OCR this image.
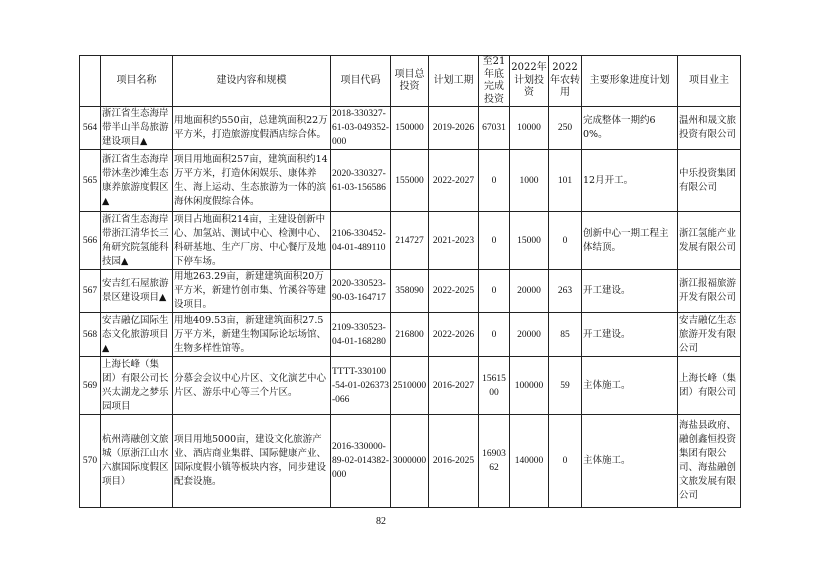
	项目名称	建设内容和规模	项目代码	项目总投资	计划工期	至21年底完成投资	2022年计划投资	2022年农转用	主要形象进度计划	项目业主
564	浙江省生态海岸带半山半岛旅游建设项目▲	用地面积约550亩，总建筑面积22万平方米，打造旅游度假酒店综合体。	2018-330327-61-03-049352-000	150000	2019-2026	67031	10000	250	完成整体一期约60%。	温州和晟文旅投资有限公司
565	浙江省生态海岸带沐垄沙滩生态康养旅游度假区▲	项目用地面积257亩，建筑面积约14万平方米，打造休闲娱乐、康体养生、海上运动、生态旅游为一体的滨海休闲度假综合体。	2020-330327-61-03-156586	155000	2022-2027	0	1000	101	12月开工。	中乐投资集团有限公司
566	浙江省生态海岸带浙江清华长三角研究院氢能科技园▲	项目占地面积214亩，主建设创新中心、加氢站、测试中心、检测中心、科研基地、生产厂房、中心餐厅及地下停车场。	2106-330452-04-01-489110	214727	2021-2023	0	15000	0	创新中心一期工程主体结顶。	浙江氢能产业发展有限公司
567	安吉红石屋旅游景区建设项目▲	用地263.29亩，新建建筑面积20万平方米，新建竹创市集、竹溪谷等建设项目。	2020-330523-90-03-164717	358090	2022-2025	0	20000	263	开工建设。	浙江报福旅游开发有限公司
568	安吉融亿国际生态文化旅游项目▲	用地409.53亩，新建建筑面积27.5万平方米，新建生物国际论坛场馆、生物多样性馆等。	2109-330523-04-01-168280	216800	2022-2026	0	20000	85	开工建设。	安吉融亿生态旅游开发有限公司
569	上海长峰（集团）有限公司长兴太湖龙之梦乐园项目	分慕会会议中心片区、文化演艺中心片区、游乐中心等三个片区。	TTTT-330100-54-01-026373-066	2510000	2016-2027	1561500	100000	59	主体施工。	上海长峰（集团）有限公司
570	杭州湾融创文旅城（原浙江山水六旗国际度假区项目）	项目用地5000亩，建设文化旅游产业、酒店商业集群、国际健康产业、国际度假小镇等板块内容，同步建设配套设施。	2016-330000-89-02-014382-000	3000000	2016-2025	1690362	140000	0	主体施工。	海盐县政府、融创鑫恒投资集团有限公司、海盐融创文旅发展有限公司
82
